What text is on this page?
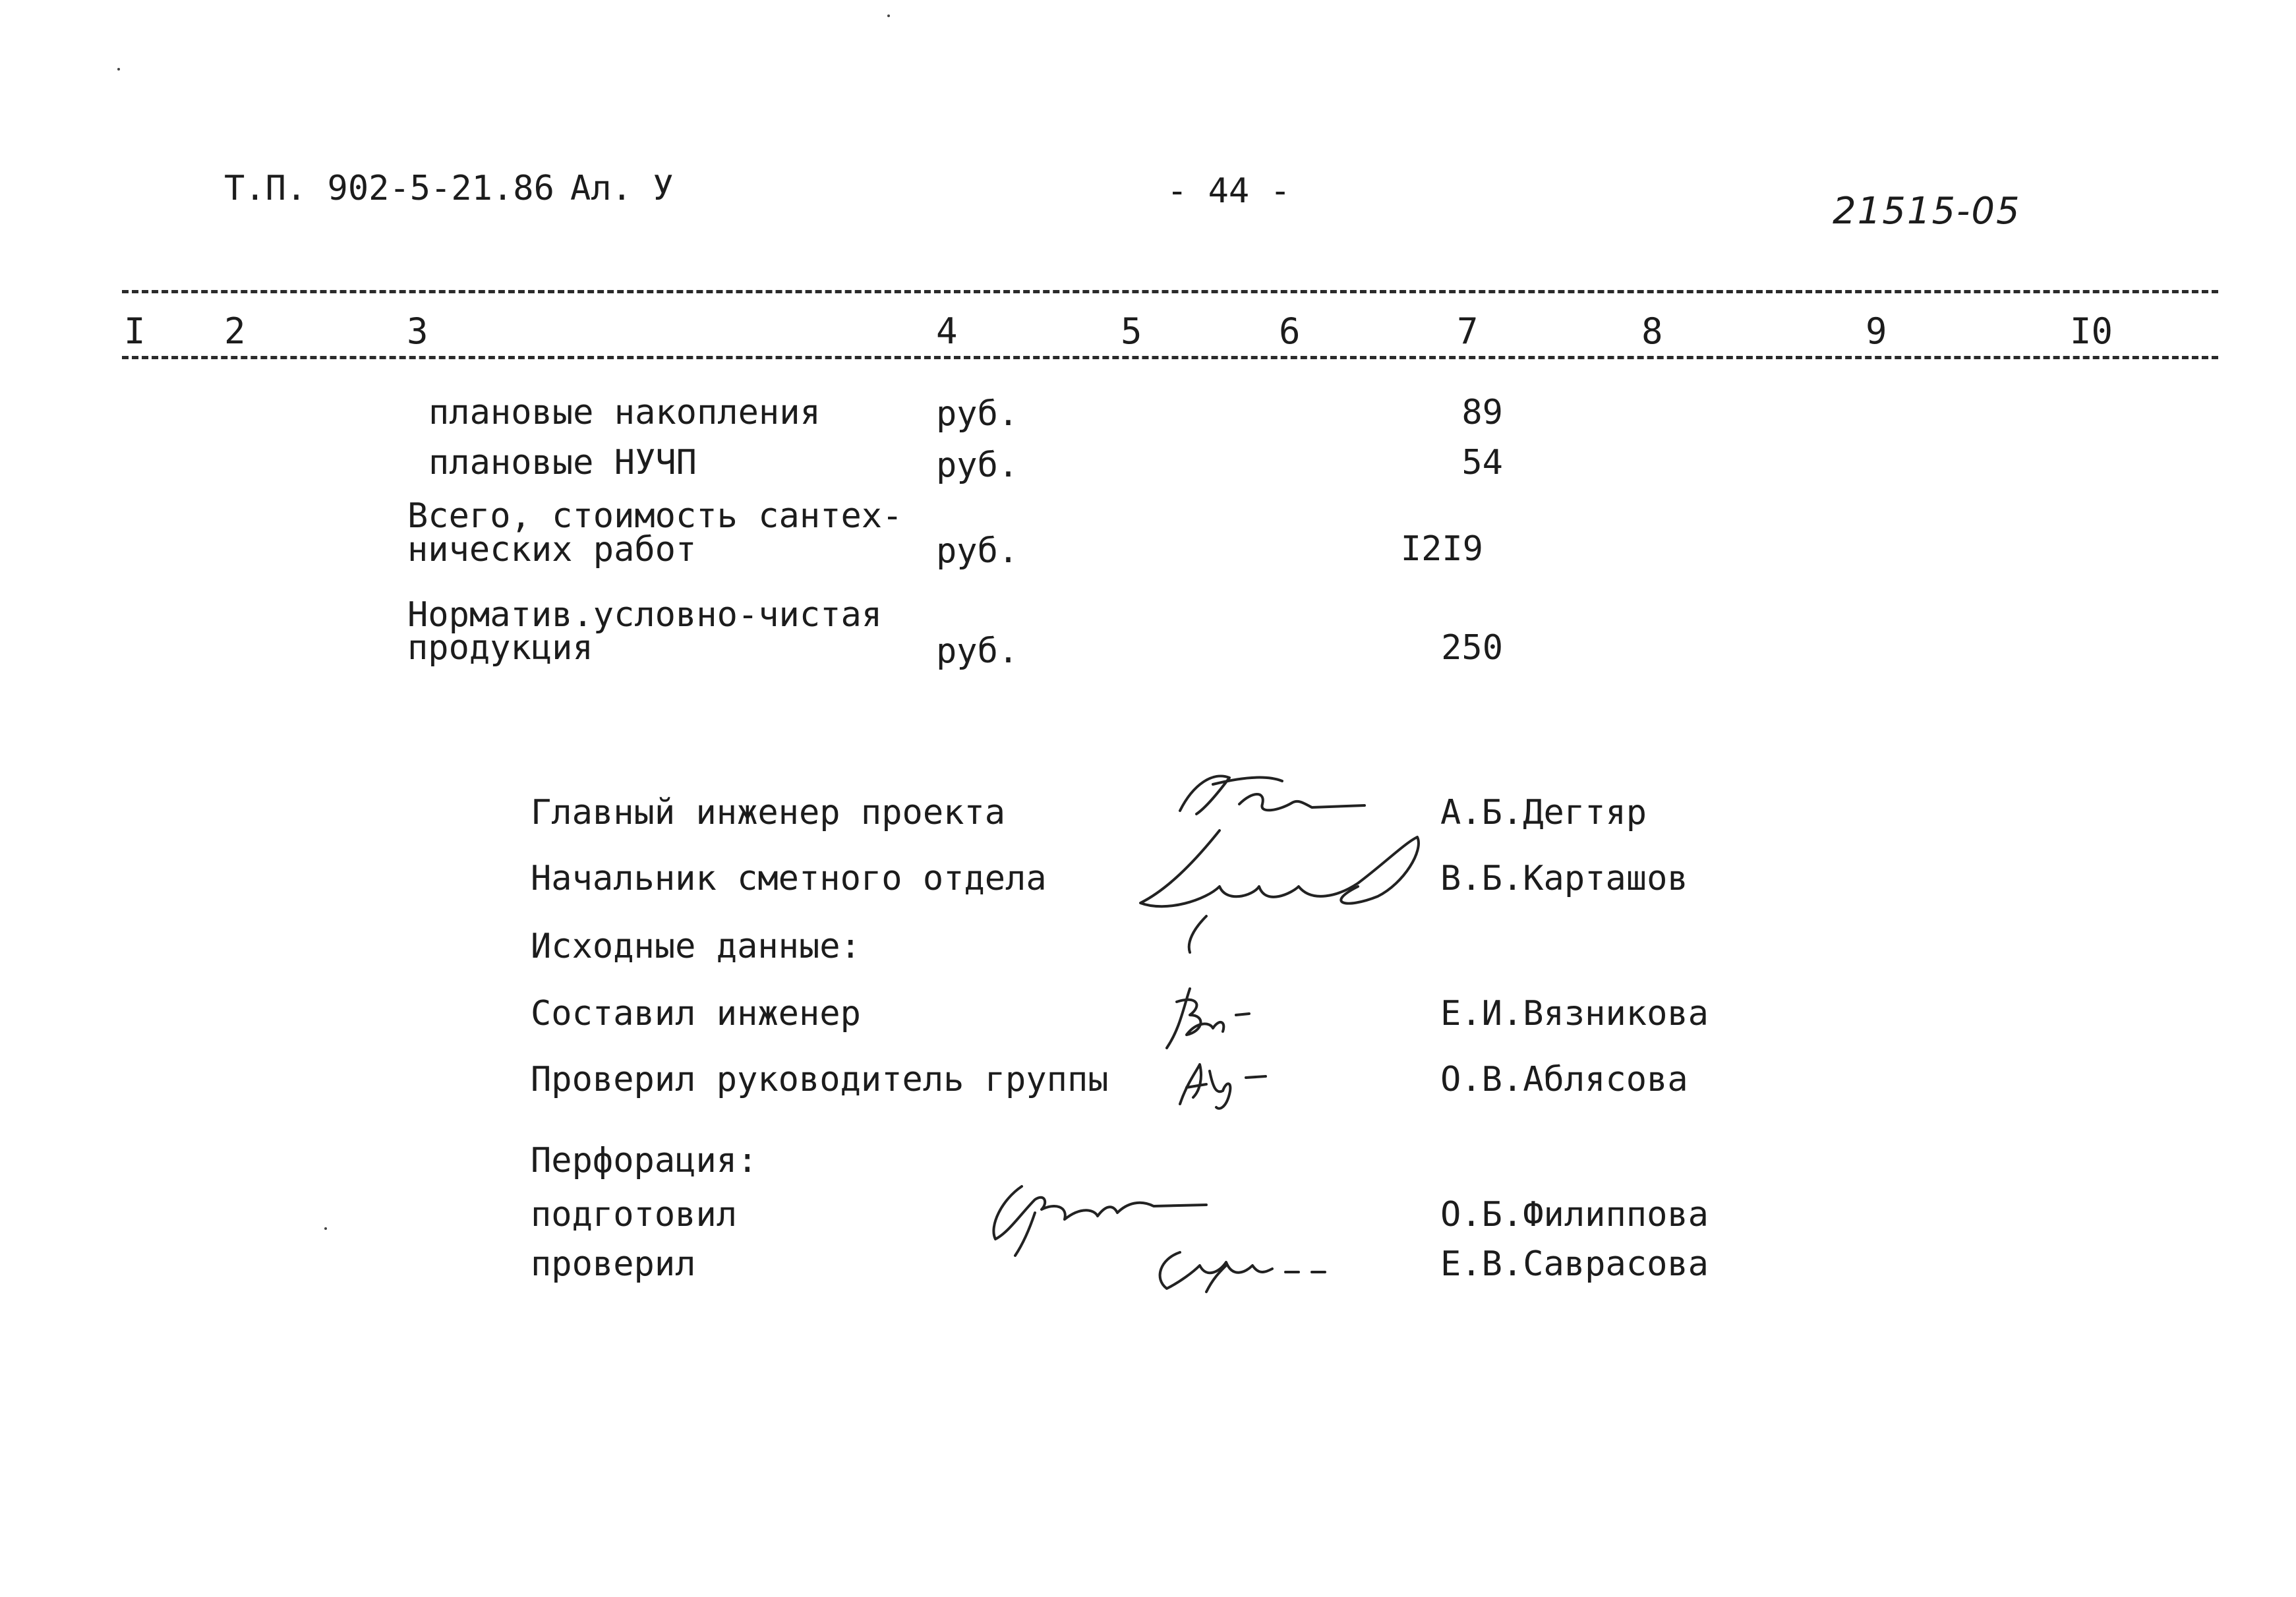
Т.П. 902-5-21.86 Ал. У	- 44 -	21515-05
I 2	3	4	5	6	7	8	9	I0
плановые накопления	руб.	89
плановые НУЧП	руб.	54
Всего, стоимость сантех-
нических работ	руб.	I2I9
Норматив.условно-чистая
продукция	руб.	250
Главный инженер проекта	А.Б.Дегтяр
Начальник сметного отдела	В.Б.Карташов
Исходные данные:
Составил инженер	Е.И.Вязникова
Проверил руководитель группы	О.В.Аблясова
Перфорация:
подготовил	О.Б.Филиппова
проверил	Е.В.Саврасова
